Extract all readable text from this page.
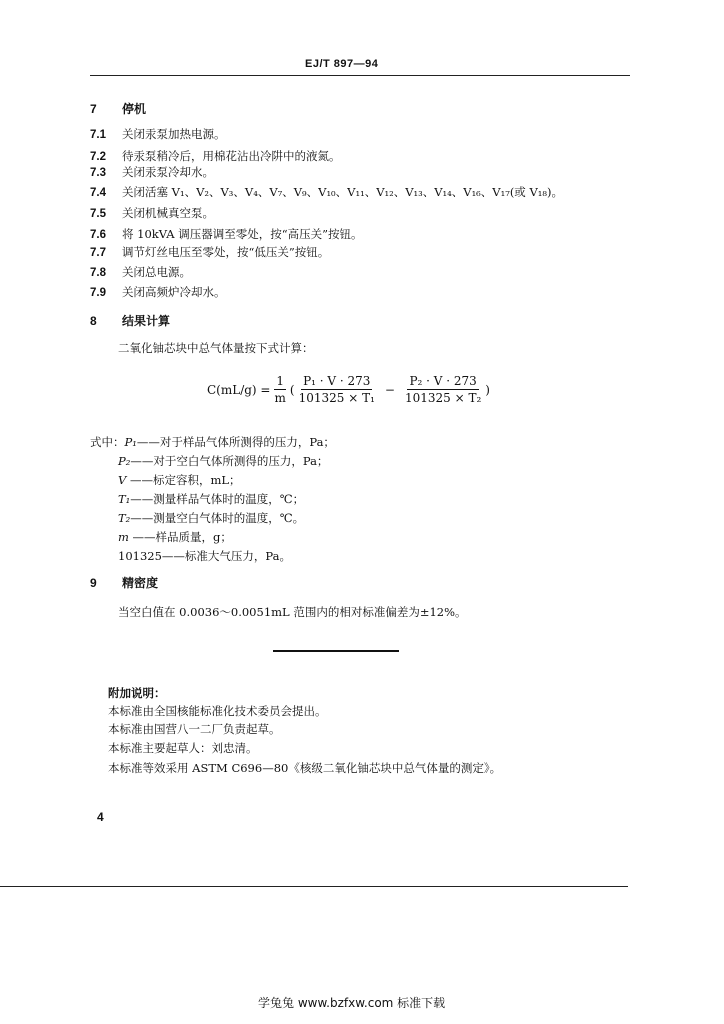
EJ/T 897—94
7 停机
7.1 关闭汞泵加热电源。
7.2 待汞泵稍冷后，用棉花沾出冷阱中的液氮。
7.3 关闭汞泵冷却水。
7.4 关闭活塞 V₁、V₂、V₃、V₄、V₇、V₉、V₁₀、V₁₁、V₁₂、V₁₃、V₁₄、V₁₆、V₁₇(或 V₁₈)。
7.5 关闭机械真空泵。
7.6 将 10kVA 调压器调至零处，按“高压关”按钮。
7.7 调节灯丝电压至零处，按“低压关”按钮。
7.8 关闭总电源。
7.9 关闭高频炉冷却水。
8 结果计算
二氧化铀芯块中总气体量按下式计算：
$C(mL/g) = \frac{1}{m}$ ( $\frac{\text{P₁ · V · 273}}{\text{101325 × T₁}} - \frac{\text{P₂ · V · 273}}{\text{101325 × T₂}}$ )
式中：P₁——对于样品气体所测得的压力，Pa；
P₂——对于空白气体所测得的压力，Pa；
V ——标定容积，mL；
T₁——测量样品气体时的温度，℃；
T₂——测量空白气体时的温度，℃。
m ——样品质量，g；
101325——标准大气压力，Pa。
9 精密度
当空白值在 0.0036～0.0051mL 范围内的相对标准偏差为±12%。
附加说明：
本标准由全国核能标准化技术委员会提出。
本标准由国营八一二厂负责起草。
本标准主要起草人：刘忠清。
本标准等效采用 ASTM C696—80《核级二氧化铀芯块中总气体量的测定》。
4
学兔兔 www.bzfxw.com 标准下载
